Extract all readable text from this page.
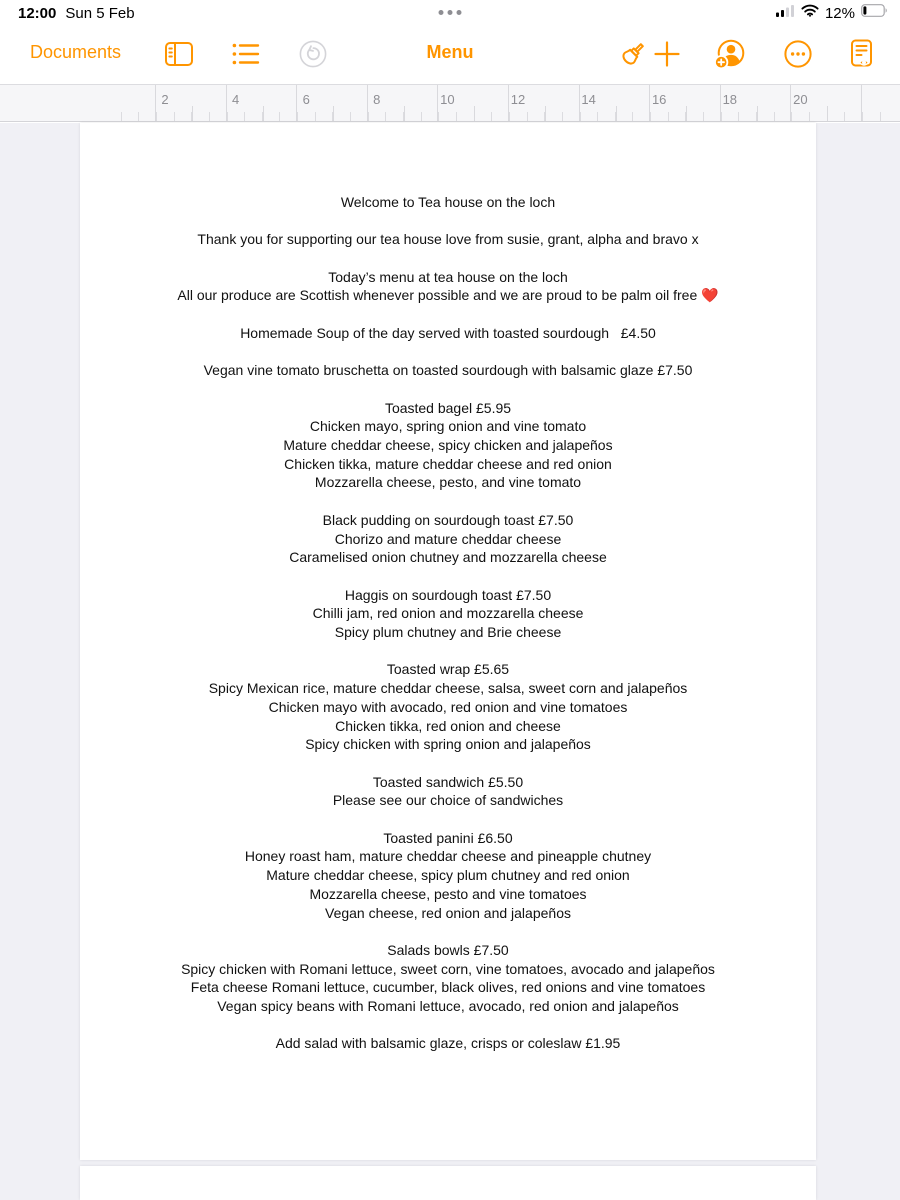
12:00 Sun 5 Feb	12%
Documents	Menu
2	4	6	8	10	12	14	16	18	20
Welcome to Tea house on the loch
Thank you for supporting our tea house love from susie, grant, alpha and bravo x
Today’s menu at tea house on the loch
All our produce are Scottish whenever possible and we are proud to be palm oil free ❤️
Homemade Soup of the day served with toasted sourdough   £4.50
Vegan vine tomato bruschetta on toasted sourdough with balsamic glaze £7.50
Toasted bagel £5.95
Chicken mayo, spring onion and vine tomato
Mature cheddar cheese, spicy chicken and jalapeños
Chicken tikka, mature cheddar cheese and red onion
Mozzarella cheese, pesto, and vine tomato
Black pudding on sourdough toast £7.50
Chorizo and mature cheddar cheese
Caramelised onion chutney and mozzarella cheese
Haggis on sourdough toast £7.50
Chilli jam, red onion and mozzarella cheese
Spicy plum chutney and Brie cheese
Toasted wrap £5.65
Spicy Mexican rice, mature cheddar cheese, salsa, sweet corn and jalapeños
Chicken mayo with avocado, red onion and vine tomatoes
Chicken tikka, red onion and cheese
Spicy chicken with spring onion and jalapeños
Toasted sandwich £5.50
Please see our choice of sandwiches
Toasted panini £6.50
Honey roast ham, mature cheddar cheese and pineapple chutney
Mature cheddar cheese, spicy plum chutney and red onion
Mozzarella cheese, pesto and vine tomatoes
Vegan cheese, red onion and jalapeños
Salads bowls £7.50
Spicy chicken with Romani lettuce, sweet corn, vine tomatoes, avocado and jalapeños
Feta cheese Romani lettuce, cucumber, black olives, red onions and vine tomatoes
Vegan spicy beans with Romani lettuce, avocado, red onion and jalapeños
Add salad with balsamic glaze, crisps or coleslaw £1.95
